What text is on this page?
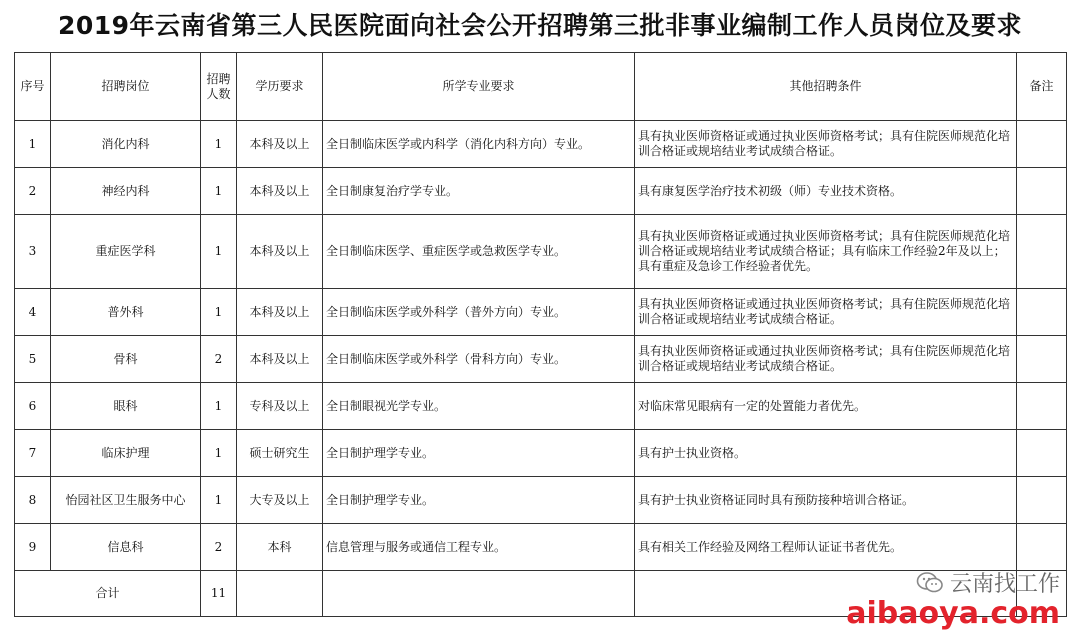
2019年云南省第三人民医院面向社会公开招聘第三批非事业编制工作人员岗位及要求
序号	招聘岗位	招聘人数	学历要求	所学专业要求	其他招聘条件	备注
1	消化内科	1	本科及以上	全日制临床医学或内科学（消化内科方向）专业。	具有执业医师资格证或通过执业医师资格考试；具有住院医师规范化培训合格证或规培结业考试成绩合格证。	
2	神经内科	1	本科及以上	全日制康复治疗学专业。	具有康复医学治疗技术初级（师）专业技术资格。	
3	重症医学科	1	本科及以上	全日制临床医学、重症医学或急救医学专业。	具有执业医师资格证或通过执业医师资格考试；具有住院医师规范化培训合格证或规培结业考试成绩合格证；具有临床工作经验2年及以上；具有重症及急诊工作经验者优先。	
4	普外科	1	本科及以上	全日制临床医学或外科学（普外方向）专业。	具有执业医师资格证或通过执业医师资格考试；具有住院医师规范化培训合格证或规培结业考试成绩合格证。	
5	骨科	2	本科及以上	全日制临床医学或外科学（骨科方向）专业。	具有执业医师资格证或通过执业医师资格考试；具有住院医师规范化培训合格证或规培结业考试成绩合格证。	
6	眼科	1	专科及以上	全日制眼视光学专业。	对临床常见眼病有一定的处置能力者优先。	
7	临床护理	1	硕士研究生	全日制护理学专业。	具有护士执业资格。	
8	怡园社区卫生服务中心	1	大专及以上	全日制护理学专业。	具有护士执业资格证同时具有预防接种培训合格证。	
9	信息科	2	本科	信息管理与服务或通信工程专业。	具有相关工作经验及网络工程师认证证书者优先。	
合计		11					云南找工作
aibaoya.com
